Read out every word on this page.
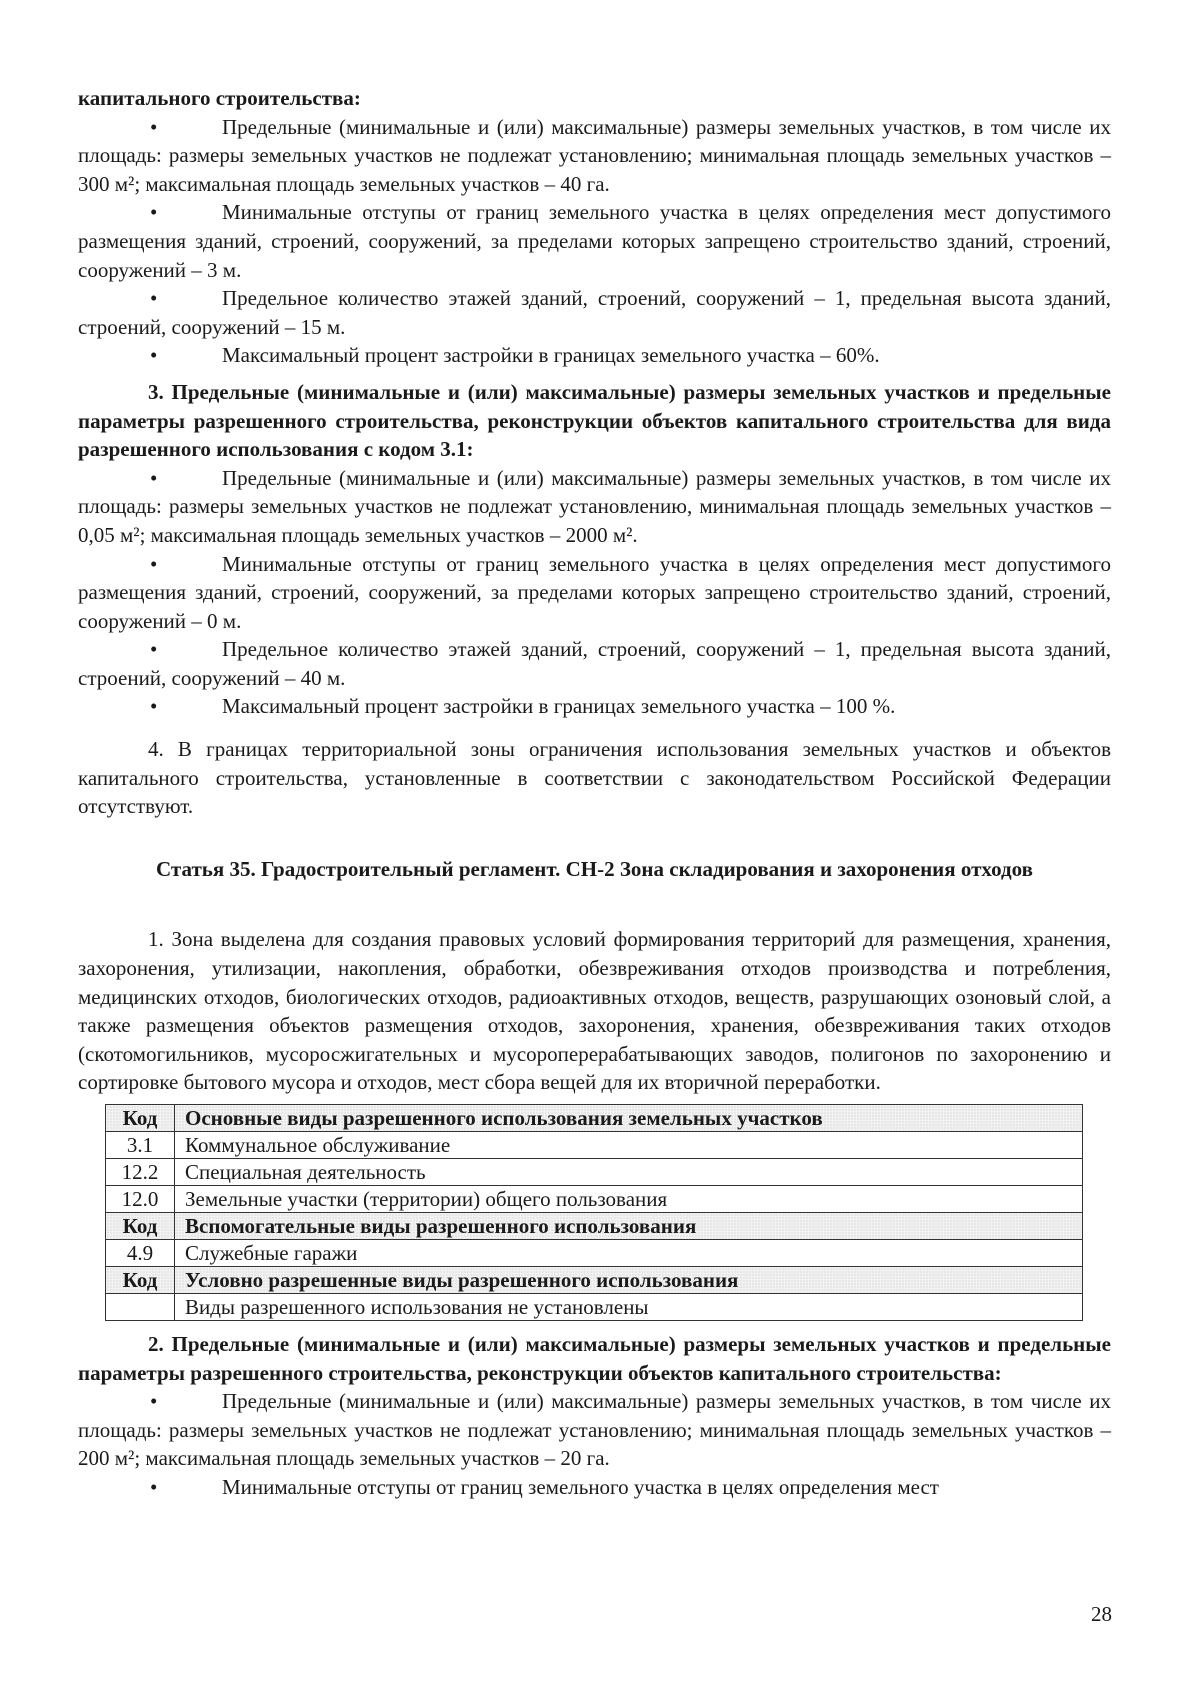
капитального строительства:

•	Предельные (минимальные и (или) максимальные) размеры земельных участков, в том числе их площадь: размеры земельных участков не подлежат установлению; минимальная площадь земельных участков – 300 м²; максимальная площадь земельных участков – 40 га.

•	Минимальные отступы от границ земельного участка в целях определения мест допустимого размещения зданий, строений, сооружений, за пределами которых запрещено строительство зданий, строений, сооружений – 3 м.

•	Предельное количество этажей зданий, строений, сооружений – 1, предельная высота зданий, строений, сооружений – 15 м.

•	Максимальный процент застройки в границах земельного участка – 60%.

3. Предельные (минимальные и (или) максимальные) размеры земельных участков и предельные параметры разрешенного строительства, реконструкции объектов капитального строительства для вида разрешенного использования с кодом 3.1:

•	Предельные (минимальные и (или) максимальные) размеры земельных участков, в том числе их площадь: размеры земельных участков не подлежат установлению, минимальная площадь земельных участков – 0,05 м²; максимальная площадь земельных участков – 2000 м².

•	Минимальные отступы от границ земельного участка в целях определения мест допустимого размещения зданий, строений, сооружений, за пределами которых запрещено строительство зданий, строений, сооружений – 0 м.

•	Предельное количество этажей зданий, строений, сооружений – 1, предельная высота зданий, строений, сооружений – 40 м.

•	Максимальный процент застройки в границах земельного участка – 100 %.

4. В границах территориальной зоны ограничения использования земельных участков и объектов капитального строительства, установленные в соответствии с законодательством Российской Федерации отсутствуют.

Статья 35. Градостроительный регламент. СН-2 Зона складирования и захоронения отходов

1. Зона выделена для создания правовых условий формирования территорий для размещения, хранения, захоронения, утилизации, накопления, обработки, обезвреживания отходов производства и потребления, медицинских отходов, биологических отходов, радиоактивных отходов, веществ, разрушающих озоновый слой, а также размещения объектов размещения отходов, захоронения, хранения, обезвреживания таких отходов (скотомогильников, мусоросжигательных и мусороперерабатывающих заводов, полигонов по захоронению и сортировке бытового мусора и отходов, мест сбора вещей для их вторичной переработки.

Код	Основные виды разрешенного использования земельных участков
3.1	Коммунальное обслуживание
12.2	Специальная деятельность
12.0	Земельные участки (территории) общего пользования
Код	Вспомогательные виды разрешенного использования
4.9	Служебные гаражи
Код	Условно разрешенные виды разрешенного использования
	Виды разрешенного использования не установлены

2. Предельные (минимальные и (или) максимальные) размеры земельных участков и предельные параметры разрешенного строительства, реконструкции объектов капитального строительства:

•	Предельные (минимальные и (или) максимальные) размеры земельных участков, в том числе их площадь: размеры земельных участков не подлежат установлению; минимальная площадь земельных участков – 200 м²; максимальная площадь земельных участков – 20 га.

•	Минимальные отступы от границ земельного участка в целях определения мест

28
